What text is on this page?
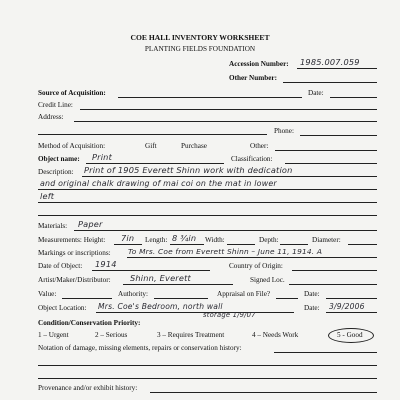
COE HALL INVENTORY WORKSHEET
PLANTING FIELDS FOUNDATION
Accession Number: 1985.007.059
Other Number:
Source of Acquisition:	Date:
Credit Line:
Address:
Phone:
Method of Acquisition:	Gift	Purchase	Other:
Object name: Print	Classification:
Description: Print of 1905 Everett Shinn work with dedication
and original chalk drawing of mai coi on the mat in lower
left
Materials: Paper
Measurements: Height: 7in Length: 8 ¾in Width:	Depth:	Diameter:
Markings or inscriptions: To Mrs. Coe from Everett Shinn – June 11, 1914. A
Date of Object: 1914	Country of Origin:
Artist/Maker/Distributor: Shinn, Everett	Signed Loc.
Value:	Authority:	Appraisal on File?	Date:
Object Location: Mrs. Coe's Bedroom, north wall
storage 1/9/07
Date: 3/9/2006
Condition/Conservation Priority:
1 – Urgent	2 – Serious	3 – Requires Treatment	4 – Needs Work	5 - Good
Notation of damage, missing elements, repairs or conservation history:
Provenance and/or exhibit history:
